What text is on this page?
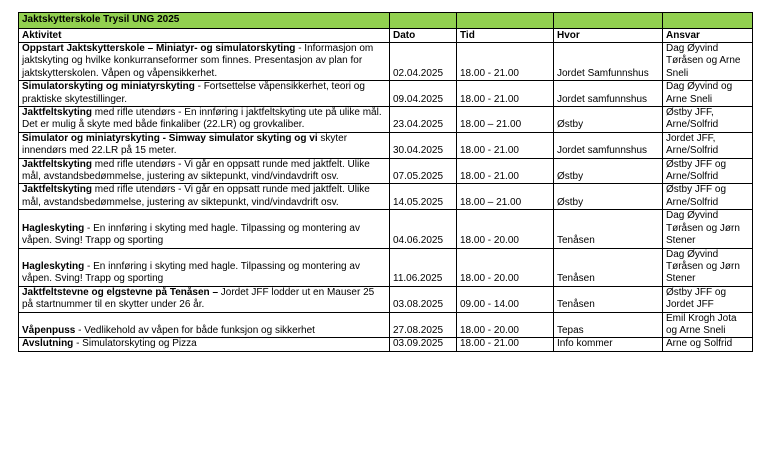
Jaktskytterskole Trysil UNG 2025				
Aktivitet	Dato	Tid	Hvor	Ansvar
Oppstart Jaktskytterskole – Miniatyr- og simulatorskyting - Informasjon om jaktskyting og hvilke konkurranseformer som finnes. Presentasjon av plan for jaktskytterskolen. Våpen og våpensikkerhet.	02.04.2025	18.00 - 21.00	Jordet Samfunnshus	Dag Øyvind Tøråsen og Arne Sneli
Simulatorskyting og miniatyrskyting - Fortsettelse våpensikkerhet, teori og praktiske skytestillinger.	09.04.2025	18.00 - 21.00	Jordet samfunnshus	Dag Øyvind og Arne Sneli
Jaktfeltskyting med rifle utendørs - En innføring i jaktfeltskyting ute på ulike mål. Det er mulig å skyte med både finkaliber (22.LR) og grovkaliber.	23.04.2025	18.00 – 21.00	Østby	Østby JFF, Arne/Solfrid
Simulator og miniatyrskyting - Simway simulator skyting og vi skyter innendørs med 22.LR på 15 meter.	30.04.2025	18.00 - 21.00	Jordet samfunnshus	Jordet JFF, Arne/Solfrid
Jaktfeltskyting med rifle utendørs - Vi går en oppsatt runde med jaktfelt. Ulike mål, avstandsbedømmelse, justering av siktepunkt, vind/vindavdrift osv.	07.05.2025	18.00 - 21.00	Østby	Østby JFF og Arne/Solfrid
Jaktfeltskyting med rifle utendørs - Vi går en oppsatt runde med jaktfelt. Ulike mål, avstandsbedømmelse, justering av siktepunkt, vind/vindavdrift osv.	14.05.2025	18.00 – 21.00	Østby	Østby JFF og Arne/Solfrid
Hagleskyting - En innføring i skyting med hagle. Tilpassing og montering av våpen. Sving! Trapp og sporting	04.06.2025	18.00 - 20.00	Tenåsen	Dag Øyvind Tøråsen og Jørn Stener
Hagleskyting - En innføring i skyting med hagle. Tilpassing og montering av våpen. Sving! Trapp og sporting	11.06.2025	18.00 - 20.00	Tenåsen	Dag Øyvind Tøråsen og Jørn Stener
Jaktfeltstevne og elgstevne på Tenåsen – Jordet JFF lodder ut en Mauser 25 på startnummer til en skytter under 26 år.	03.08.2025	09.00 - 14.00	Tenåsen	Østby JFF og Jordet JFF
Våpenpuss - Vedlikehold av våpen for både funksjon og sikkerhet	27.08.2025	18.00 - 20.00	Tepas	Emil Krogh Jota og Arne Sneli
Avslutning - Simulatorskyting og Pizza	03.09.2025	18.00 - 21.00	Info kommer	Arne og Solfrid
